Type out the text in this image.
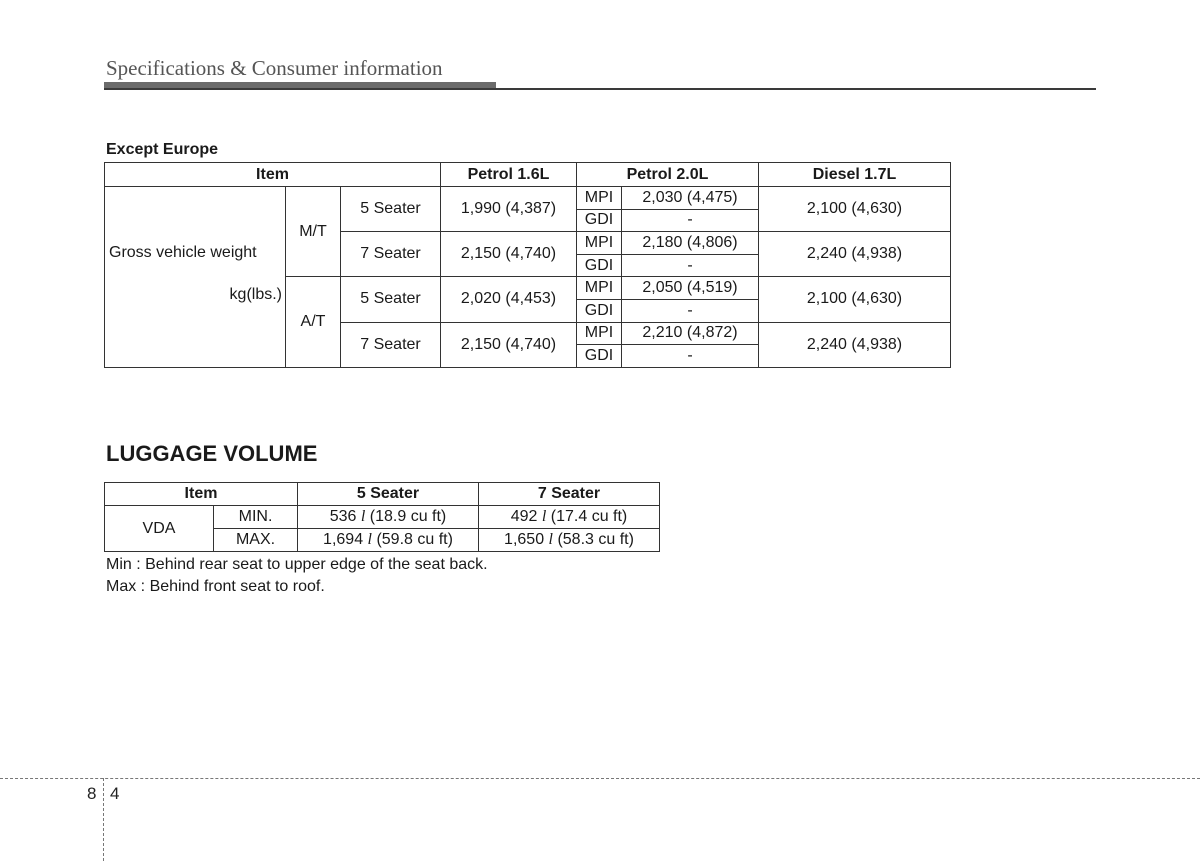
Specifications & Consumer information
Except Europe
Item			Petrol 1.6L	Petrol 2.0L		Diesel 1.7L

Gross vehicle weight
kg(lbs.)	M/T	5 Seater	1,990 (4,387)	MPI	2,030 (4,475)	2,100 (4,630)
				GDI	-	
		7 Seater	2,150 (4,740)	MPI	2,180 (4,806)	2,240 (4,938)
				GDI	-	
	A/T	5 Seater	2,020 (4,453)	MPI	2,050 (4,519)	2,100 (4,630)
				GDI	-	
		7 Seater	2,150 (4,740)	MPI	2,210 (4,872)	2,240 (4,938)
				GDI	-	
LUGGAGE VOLUME
Item		5 Seater	7 Seater
VDA	MIN.	536 l (18.9 cu ft)	492 l (17.4 cu ft)
	MAX.	1,694 l (59.8 cu ft)	1,650 l (58.3 cu ft)
Min : Behind rear seat to upper edge of the seat back.
Max : Behind front seat to roof.
8 4
